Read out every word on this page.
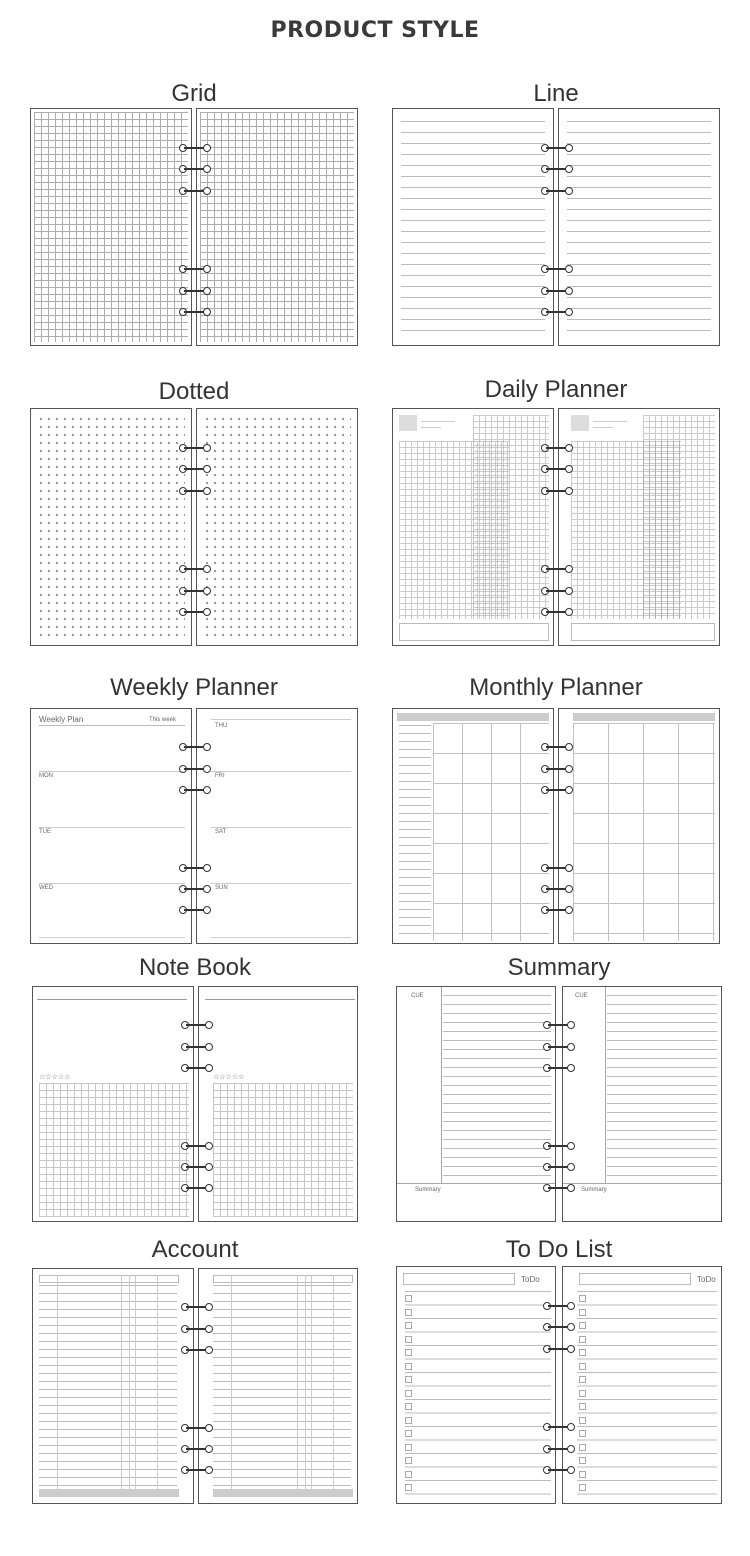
PRODUCT STYLE
Grid	Line
Dotted	Daily Planner
Weekly Planner
Weekly Plan	This week
MON
TUE
WED
THU
FRI
SAT
SUN
Monthly Planner
Note Book
☆☆☆☆☆	☆☆☆☆☆
Summary
CUE
Summary
CUE
Summary
Account	To Do List
ToDo	ToDo
